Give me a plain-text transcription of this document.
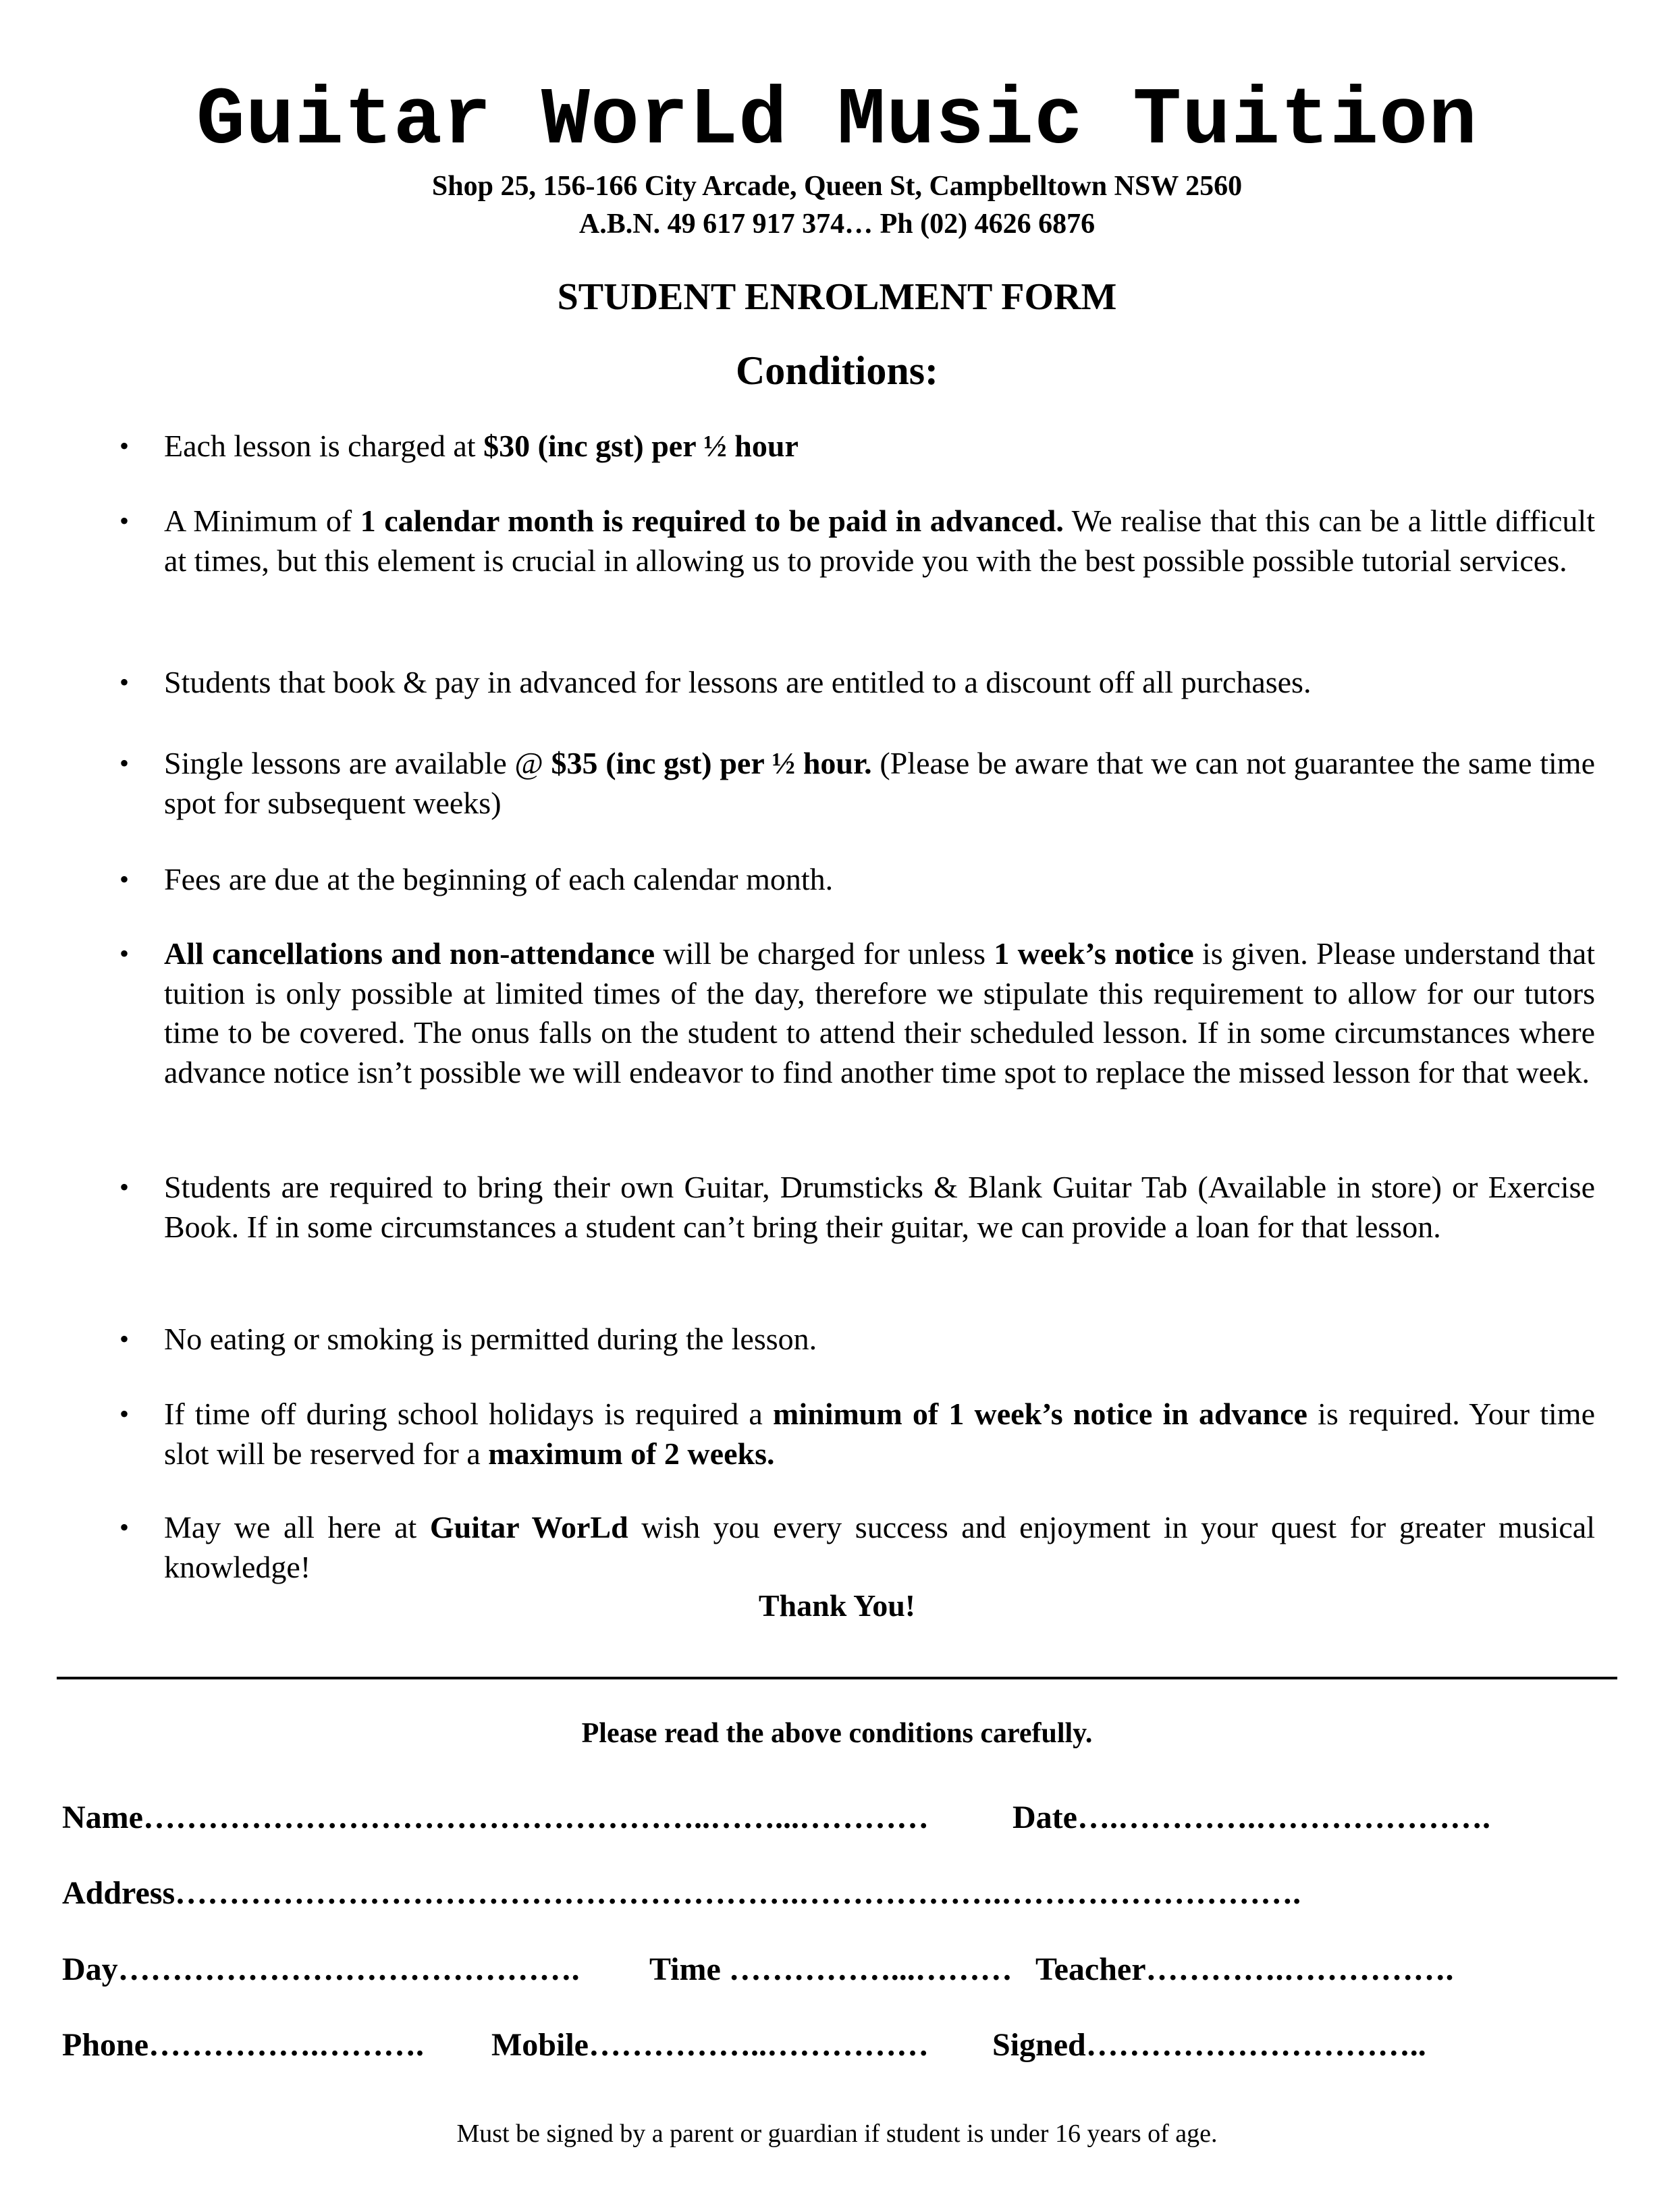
Guitar WorLd Music Tuition

Shop 25, 156-166 City Arcade, Queen St, Campbelltown NSW 2560

A.B.N. 49 617 917 374… Ph (02) 4626 6876

STUDENT ENROLMENT FORM
Conditions:
• Each lesson is charged at $30 (inc gst) per ½ hour
• A Minimum of 1 calendar month is required to be paid in advanced. We realise that this can be a little difficult at times, but this element is crucial in allowing us to provide you with the best possible possible tutorial services.
• Students that book & pay in advanced for lessons are entitled to a discount off all purchases.
• Single lessons are available @ $35 (inc gst) per ½ hour. (Please be aware that we can not guarantee the same time spot for subsequent weeks)
• Fees are due at the beginning of each calendar month.
• All cancellations and non-attendance will be charged for unless 1 week’s notice is given. Please understand that tuition is only possible at limited times of the day, therefore we stipulate this requirement to allow for our tutors time to be covered. The onus falls on the student to attend their scheduled lesson. If in some circumstances where advance notice isn’t possible we will endeavor to find another time spot to replace the missed lesson for that week.
• Students are required to bring their own Guitar, Drumsticks & Blank Guitar Tab (Available in store) or Exercise Book. If in some circumstances a student can’t bring their guitar, we can provide a loan for that lesson.
• No eating or smoking is permitted during the lesson.
• If time off during school holidays is required a minimum of 1 week’s notice in advance is required. Your time slot will be reserved for a maximum of 2 weeks.
• May we all here at Guitar WorLd wish you every success and enjoyment in your quest for greater musical knowledge!

Thank You!

Please read the above conditions carefully.

Name……………………………………………..……...…………	Date….………….………………….
Address………………………………………………….……………….……………………….
Day……………………………………. Time ……………...……… Teacher………….…………….
Phone…………….………. Mobile……………..…………… Signed…………………………..

Must be signed by a parent or guardian if student is under 16 years of age.
